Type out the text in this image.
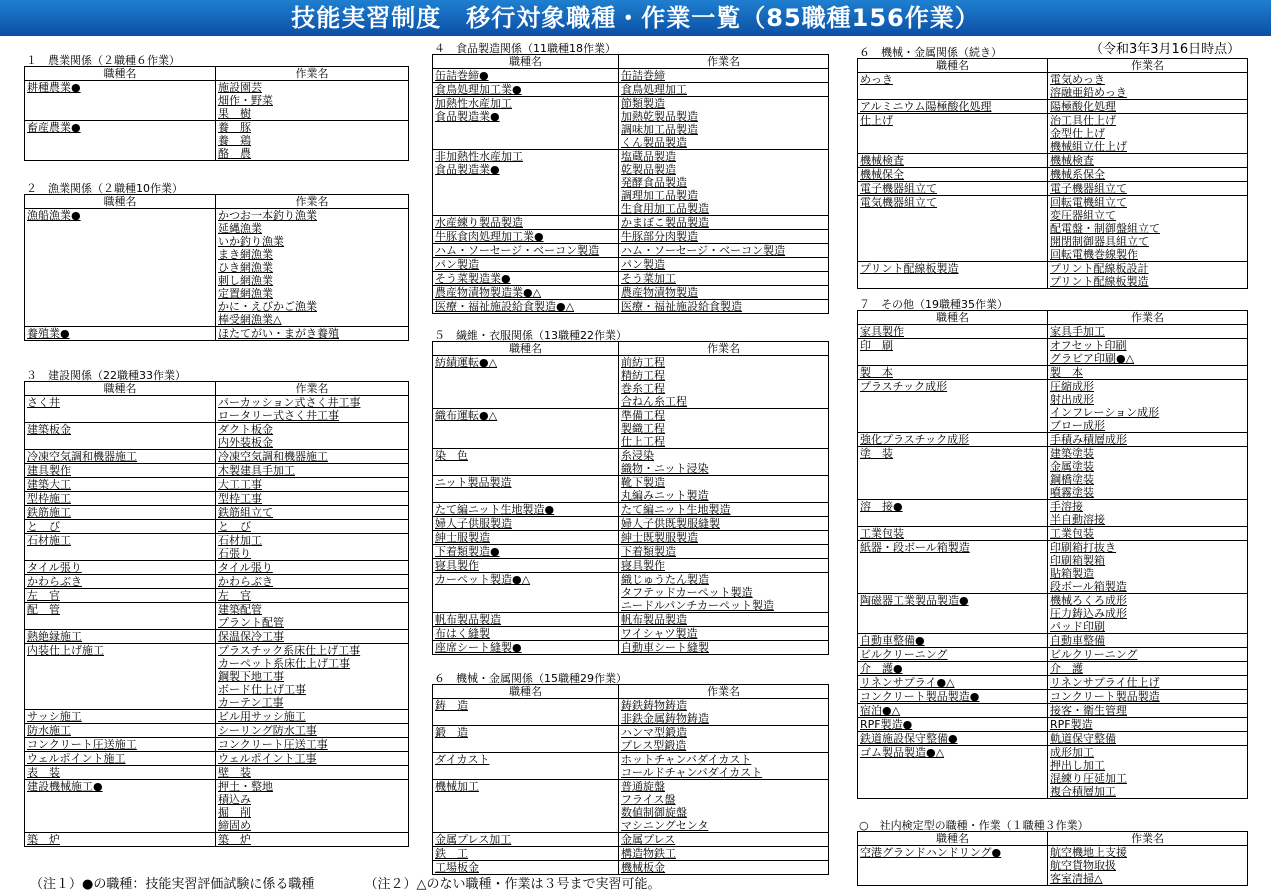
技能実習制度　移行対象職種・作業一覧（85職種156作業）
（令和3年3月16日時点）
１　農業関係（２職種６作業）
職種名	作業名
耕種農業●	施設園芸
	畑作・野菜
	果　樹
畜産農業●	養　豚
	養　鶏
	酪　農
２　漁業関係（２職種10作業）
職種名	作業名
漁船漁業●	かつお一本釣り漁業
	延縄漁業
	いか釣り漁業
	まき網漁業
	ひき網漁業
	刺し網漁業
	定置網漁業
	かに・えびかご漁業
	棒受網漁業△
養殖業●	ほたてがい・まがき養殖
３　建設関係（22職種33作業）
職種名	作業名
さく井	パーカッション式さく井工事
	ロータリー式さく井工事
建築板金	ダクト板金
	内外装板金
冷凍空気調和機器施工	冷凍空気調和機器施工
建具製作	木製建具手加工
建築大工	大工工事
型枠施工	型枠工事
鉄筋施工	鉄筋組立て
と　び	と　び
石材施工	石材加工
	石張り
タイル張り	タイル張り
かわらぶき	かわらぶき
左　官	左　官
配　管	建築配管
	プラント配管
熱絶縁施工	保温保冷工事
内装仕上げ施工	プラスチック系床仕上げ工事
	カーペット系床仕上げ工事
	鋼製下地工事
	ボード仕上げ工事
	カーテン工事
サッシ施工	ビル用サッシ施工
防水施工	シーリング防水工事
コンクリート圧送施工	コンクリート圧送工事
ウェルポイント施工	ウェルポイント工事
表　装	壁　装
建設機械施工●	押土・整地
	積込み
	掘　削
	締固め
築　炉	築　炉
４　食品製造関係（11職種18作業）
職種名	作業名
缶詰巻締●	缶詰巻締
食鳥処理加工業●	食鳥処理加工
加熱性水産加工	節類製造
食品製造業●	加熱乾製品製造
	調味加工品製造
	くん製品製造
非加熱性水産加工	塩蔵品製造
食品製造業●	乾製品製造
	発酵食品製造
	調理加工品製造
	生食用加工品製造
水産練り製品製造	かまぼこ製品製造
牛豚食肉処理加工業●	牛豚部分肉製造
ハム・ソーセージ・ベーコン製造	ハム・ソーセージ・ベーコン製造
パン製造	パン製造
そう菜製造業●	そう菜加工
農産物漬物製造業●△	農産物漬物製造
医療・福祉施設給食製造●△	医療・福祉施設給食製造
５　繊維・衣服関係（13職種22作業）
職種名	作業名
紡績運転●△	前紡工程
	精紡工程
	巻糸工程
	合ねん糸工程
織布運転●△	準備工程
	製織工程
	仕上工程
染　色	糸浸染
	織物・ニット浸染
ニット製品製造	靴下製造
	丸編みニット製造
たて編ニット生地製造●	たて編ニット生地製造
婦人子供服製造	婦人子供既製服縫製
紳士服製造	紳士既製服製造
下着類製造●	下着類製造
寝具製作	寝具製作
カーペット製造●△	織じゅうたん製造
	タフテッドカーペット製造
	ニードルパンチカーペット製造
帆布製品製造	帆布製品製造
布はく縫製	ワイシャツ製造
座席シート縫製●	自動車シート縫製
６　機械・金属関係（15職種29作業）
職種名	作業名
鋳　造	鋳鉄鋳物鋳造
	非鉄金属鋳物鋳造
鍛　造	ハンマ型鍛造
	プレス型鍛造
ダイカスト	ホットチャンバダイカスト
	コールドチャンバダイカスト
機械加工	普通旋盤
	フライス盤
	数値制御旋盤
	マシニングセンタ
金属プレス加工	金属プレス
鉄　工	構造物鉄工
工場板金	機械板金
６　機械・金属関係（続き）
職種名	作業名
めっき	電気めっき
	溶融亜鉛めっき
アルミニウム陽極酸化処理	陽極酸化処理
仕上げ	治工具仕上げ
	金型仕上げ
	機械組立仕上げ
機械検査	機械検査
機械保全	機械系保全
電子機器組立て	電子機器組立て
電気機器組立て	回転電機組立て
	変圧器組立て
	配電盤・制御盤組立て
	開閉制御器具組立て
	回転電機巻線製作
プリント配線板製造	プリント配線板設計
	プリント配線板製造
７　その他（19職種35作業）
職種名	作業名
家具製作	家具手加工
印　刷	オフセット印刷
	グラビア印刷●△
製　本	製　本
プラスチック成形	圧縮成形
	射出成形
	インフレーション成形
	ブロー成形
強化プラスチック成形	手積み積層成形
塗　装	建築塗装
	金属塗装
	鋼橋塗装
	噴霧塗装
溶　接●	手溶接
	半自動溶接
工業包装	工業包装
紙器・段ボール箱製造	印刷箱打抜き
	印刷箱製箱
	貼箱製造
	段ボール箱製造
陶磁器工業製品製造●	機械ろくろ成形
	圧力鋳込み成形
	パッド印刷
自動車整備●	自動車整備
ビルクリーニング	ビルクリーニング
介　護●	介　護
リネンサプライ●△	リネンサプライ仕上げ
コンクリート製品製造●	コンクリート製品製造
宿泊●△	接客・衛生管理
RPF製造●	RPF製造
鉄道施設保守整備●	軌道保守整備
ゴム製品製造●△	成形加工
	押出し加工
	混練り圧延加工
	複合積層加工
○　社内検定型の職種・作業（１職種３作業）
職種名	作業名
空港グランドハンドリング●	航空機地上支援
	航空貨物取扱
	客室清掃△
（注１）●の職種：技能実習評価試験に係る職種	（注２）△のない職種・作業は３号まで実習可能。
